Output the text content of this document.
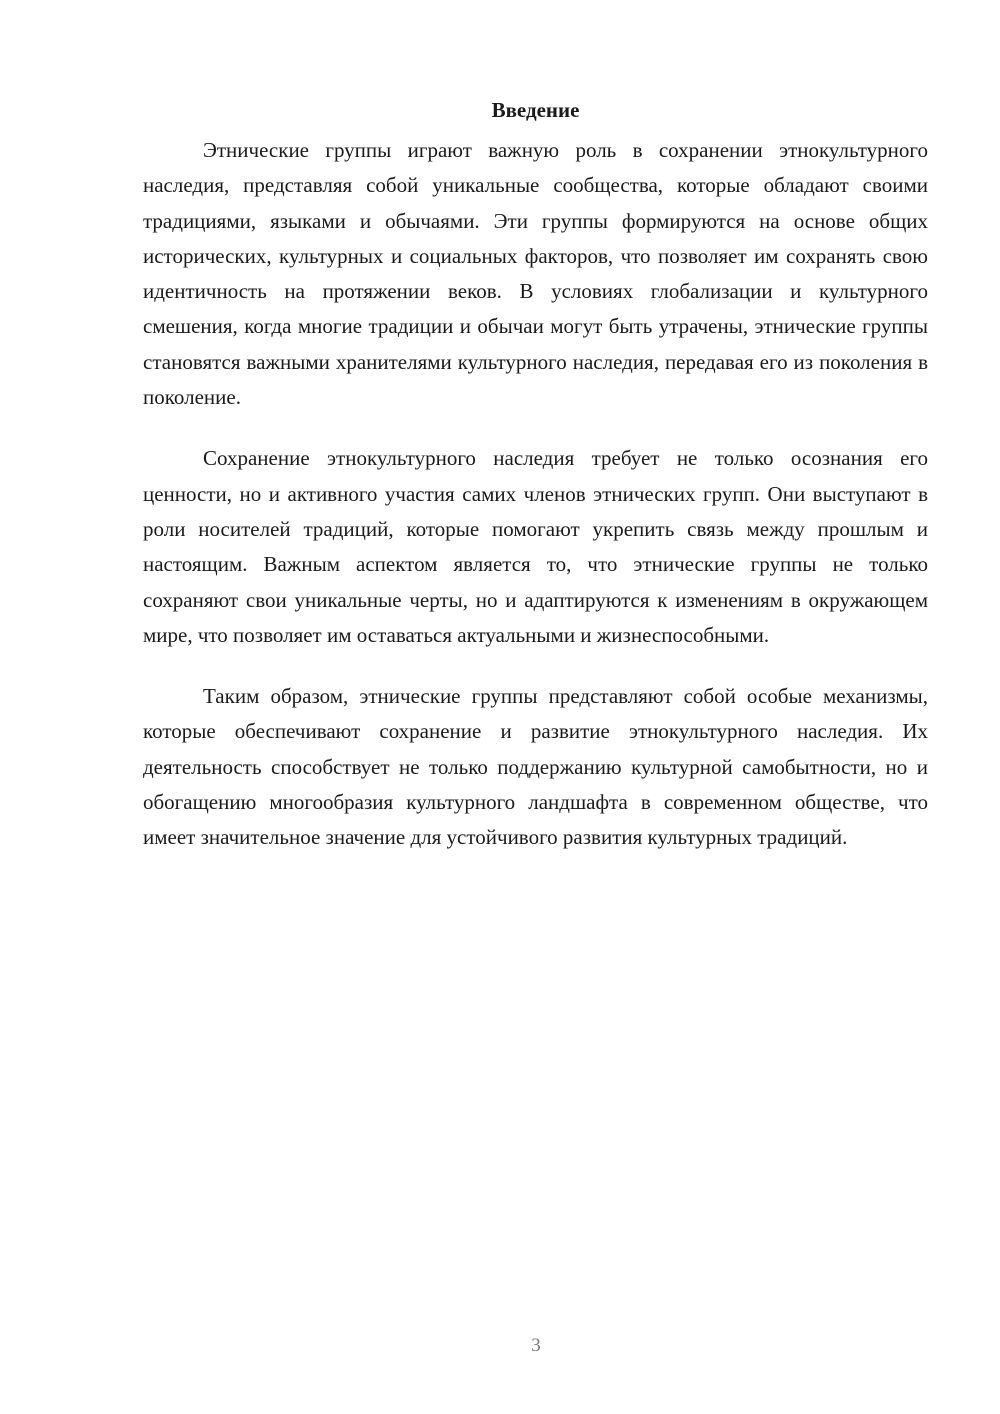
Введение

Этнические группы играют важную роль в сохранении этнокультурного наследия, представляя собой уникальные сообщества, которые обладают своими традициями, языками и обычаями. Эти группы формируются на основе общих исторических, культурных и социальных факторов, что позволяет им сохранять свою идентичность на протяжении веков. В условиях глобализации и культурного смешения, когда многие традиции и обычаи могут быть утрачены, этнические группы становятся важными хранителями культурного наследия, передавая его из поколения в поколение.

Сохранение этнокультурного наследия требует не только осознания его ценности, но и активного участия самих членов этнических групп. Они выступают в роли носителей традиций, которые помогают укрепить связь между прошлым и настоящим. Важным аспектом является то, что этнические группы не только сохраняют свои уникальные черты, но и адаптируются к изменениям в окружающем мире, что позволяет им оставаться актуальными и жизнеспособными.

Таким образом, этнические группы представляют собой особые механизмы, которые обеспечивают сохранение и развитие этнокультурного наследия. Их деятельность способствует не только поддержанию культурной самобытности, но и обогащению многообразия культурного ландшафта в современном обществе, что имеет значительное значение для устойчивого развития культурных традиций.

3
